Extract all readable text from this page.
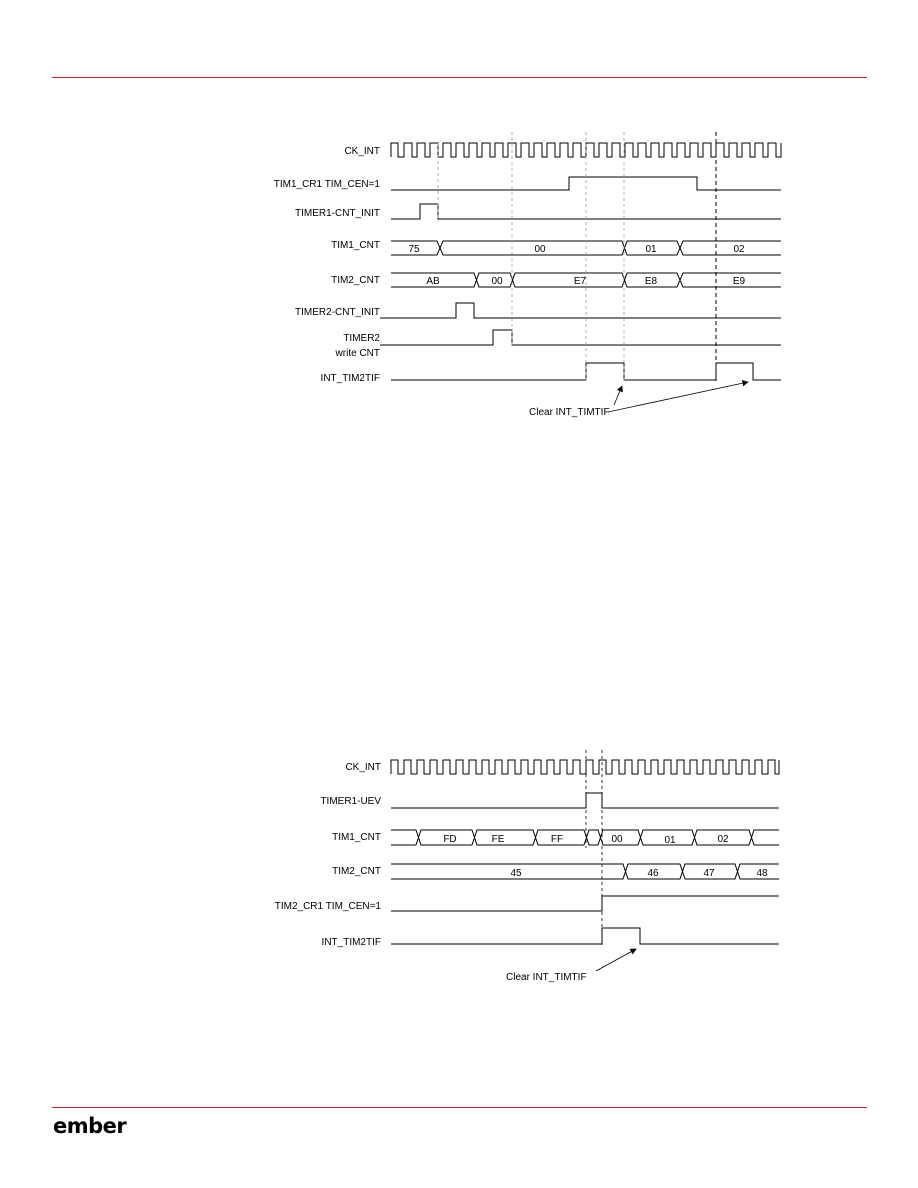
CK_INT
TIM1_CR1 TIM_CEN=1
TIMER1-CNT_INIT
TIM1_CNT
TIM2_CNT
TIMER2-CNT_INIT
TIMER2
write CNT
INT_TIM2TIF
75	00	01	02
AB	00	E7	E8	E9
Clear INT_TIMTIF
CK_INT
TIMER1-UEV
TIM1_CNT
TIM2_CNT
TIM2_CR1 TIM_CEN=1
INT_TIM2TIF
FD	FE	FF	00	01	02
45	46	47	48
Clear INT_TIMTIF
ember
